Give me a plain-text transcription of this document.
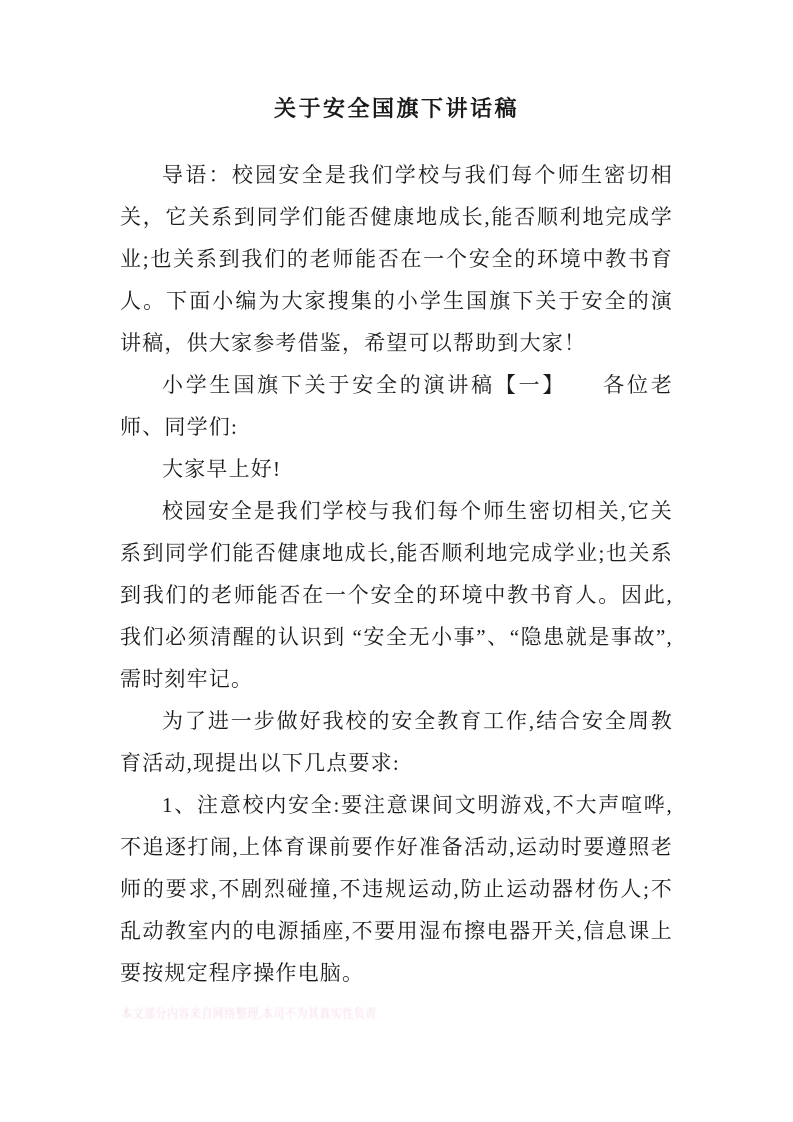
关于安全国旗下讲话稿

导语：校园安全是我们学校与我们每个师生密切相关，它关系到同学们能否健康地成长,能否顺利地完成学业;也关系到我们的老师能否在一个安全的环境中教书育人。下面小编为大家搜集的小学生国旗下关于安全的演讲稿，供大家参考借鉴，希望可以帮助到大家！

小学生国旗下关于安全的演讲稿【一】　　各位老师、同学们:

大家早上好!

校园安全是我们学校与我们每个师生密切相关,它关系到同学们能否健康地成长,能否顺利地完成学业;也关系到我们的老师能否在一个安全的环境中教书育人。因此,我们必须清醒的认识到 “安全无小事”、“隐患就是事故”,需时刻牢记。

为了进一步做好我校的安全教育工作,结合安全周教育活动,现提出以下几点要求:

1、注意校内安全:要注意课间文明游戏,不大声喧哗,不追逐打闹,上体育课前要作好准备活动,运动时要遵照老师的要求,不剧烈碰撞,不违规运动,防止运动器材伤人;不乱动教室内的电源插座,不要用湿布擦电器开关,信息课上要按规定程序操作电脑。

本文部分内容来自网络整理,本司不为其真实性负责
